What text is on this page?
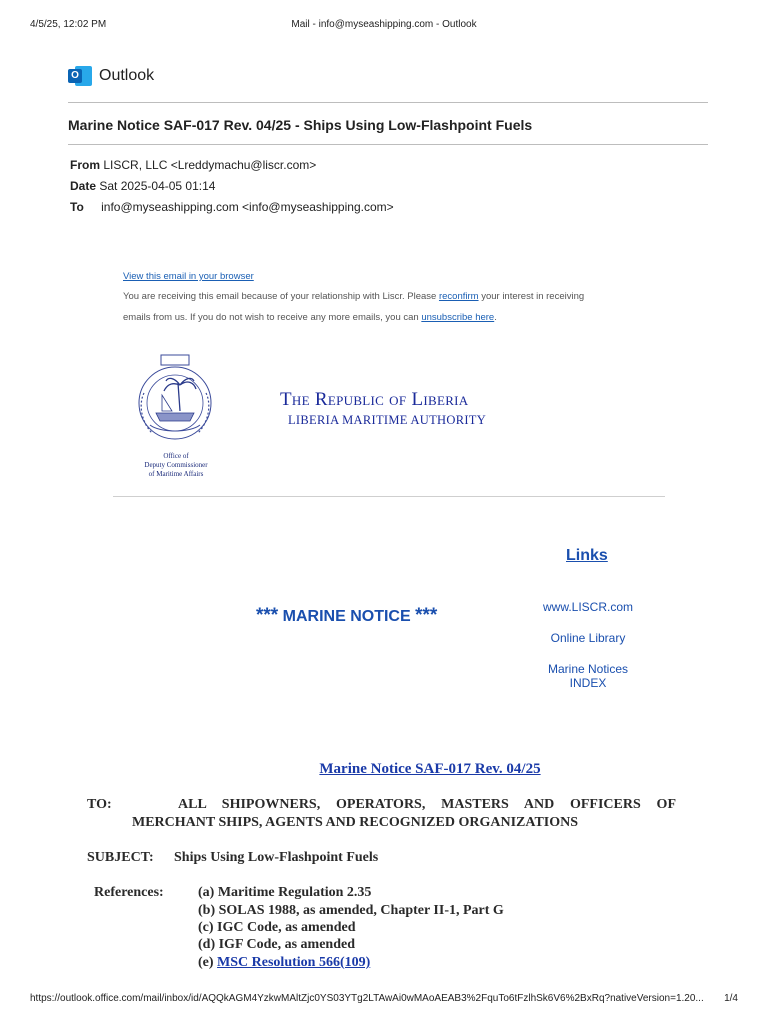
4/5/25, 12:02 PM	Mail - info@myseashipping.com - Outlook
O Outlook
Marine Notice SAF-017 Rev. 04/25 - Ships Using Low-Flashpoint Fuels
From LISCR, LLC <Lreddymachu@liscr.com>
Date Sat 2025-04-05 01:14
To info@myseashipping.com <info@myseashipping.com>
View this email in your browser
You are receiving this email because of your relationship with Liscr. Please reconfirm your interest in receiving
emails from us. If you do not wish to receive any more emails, you can unsubscribe here.
Office of
Deputy Commissioner
of Maritime Affairs
The Republic of Liberia
LIBERIA MARITIME AUTHORITY
Links
www.LISCR.com
Online Library
Marine Notices
INDEX
*** MARINE NOTICE ***
Marine Notice SAF-017 Rev. 04/25
TO:	ALL SHIPOWNERS, OPERATORS, MASTERS AND OFFICERS OF
MERCHANT SHIPS, AGENTS AND RECOGNIZED ORGANIZATIONS
SUBJECT: Ships Using Low-Flashpoint Fuels
References: (a) Maritime Regulation 2.35
(b) SOLAS 1988, as amended, Chapter II-1, Part G
(c) IGC Code, as amended
(d) IGF Code, as amended
(e) MSC Resolution 566(109)
https://outlook.office.com/mail/inbox/id/AQQkAGM4YzkwMAltZjc0YS03YTg2LTAwAi0wMAoAEAB3%2FquTo6tFzlhSk6V6%2BxRq?nativeVersion=1.20...	1/4
